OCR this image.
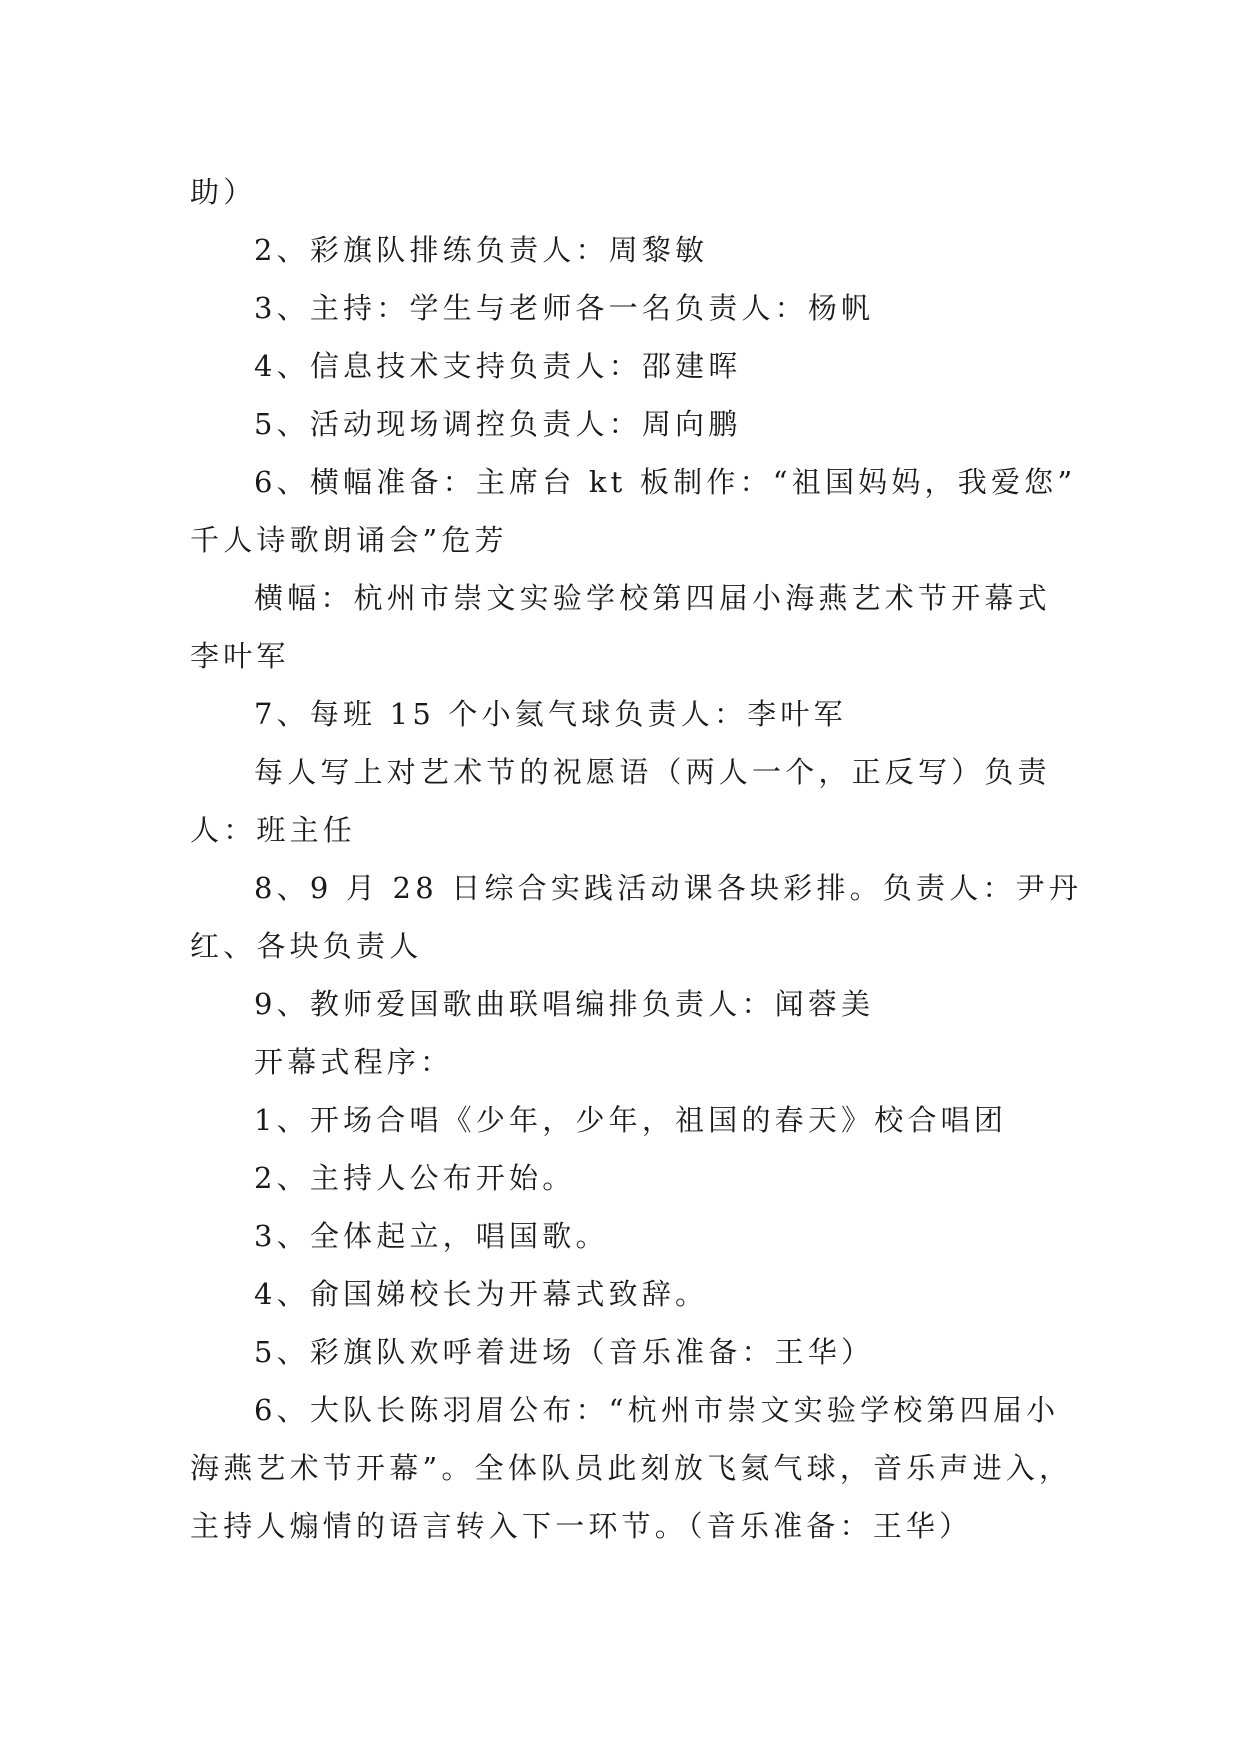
助）
2、彩旗队排练负责人：周黎敏
3、主持：学生与老师各一名负责人：杨帆
4、信息技术支持负责人：邵建晖
5、活动现场调控负责人：周向鹏
6、横幅准备：主席台 kt 板制作：“祖国妈妈，我爱您”
千人诗歌朗诵会”危芳
横幅：杭州市崇文实验学校第四届小海燕艺术节开幕式
李叶军
7、每班 15 个小氦气球负责人：李叶军
每人写上对艺术节的祝愿语（两人一个，正反写）负责
人：班主任
8、9 月 28 日综合实践活动课各块彩排。负责人：尹丹
红、各块负责人
9、教师爱国歌曲联唱编排负责人：闻蓉美
开幕式程序：
1、开场合唱《少年，少年，祖国的春天》校合唱团
2、主持人公布开始。
3、全体起立，唱国歌。
4、俞国娣校长为开幕式致辞。
5、彩旗队欢呼着进场（音乐准备：王华）
6、大队长陈羽眉公布：“杭州市崇文实验学校第四届小
海燕艺术节开幕”。全体队员此刻放飞氦气球，音乐声进入，
主持人煽情的语言转入下一环节。（音乐准备：王华）
